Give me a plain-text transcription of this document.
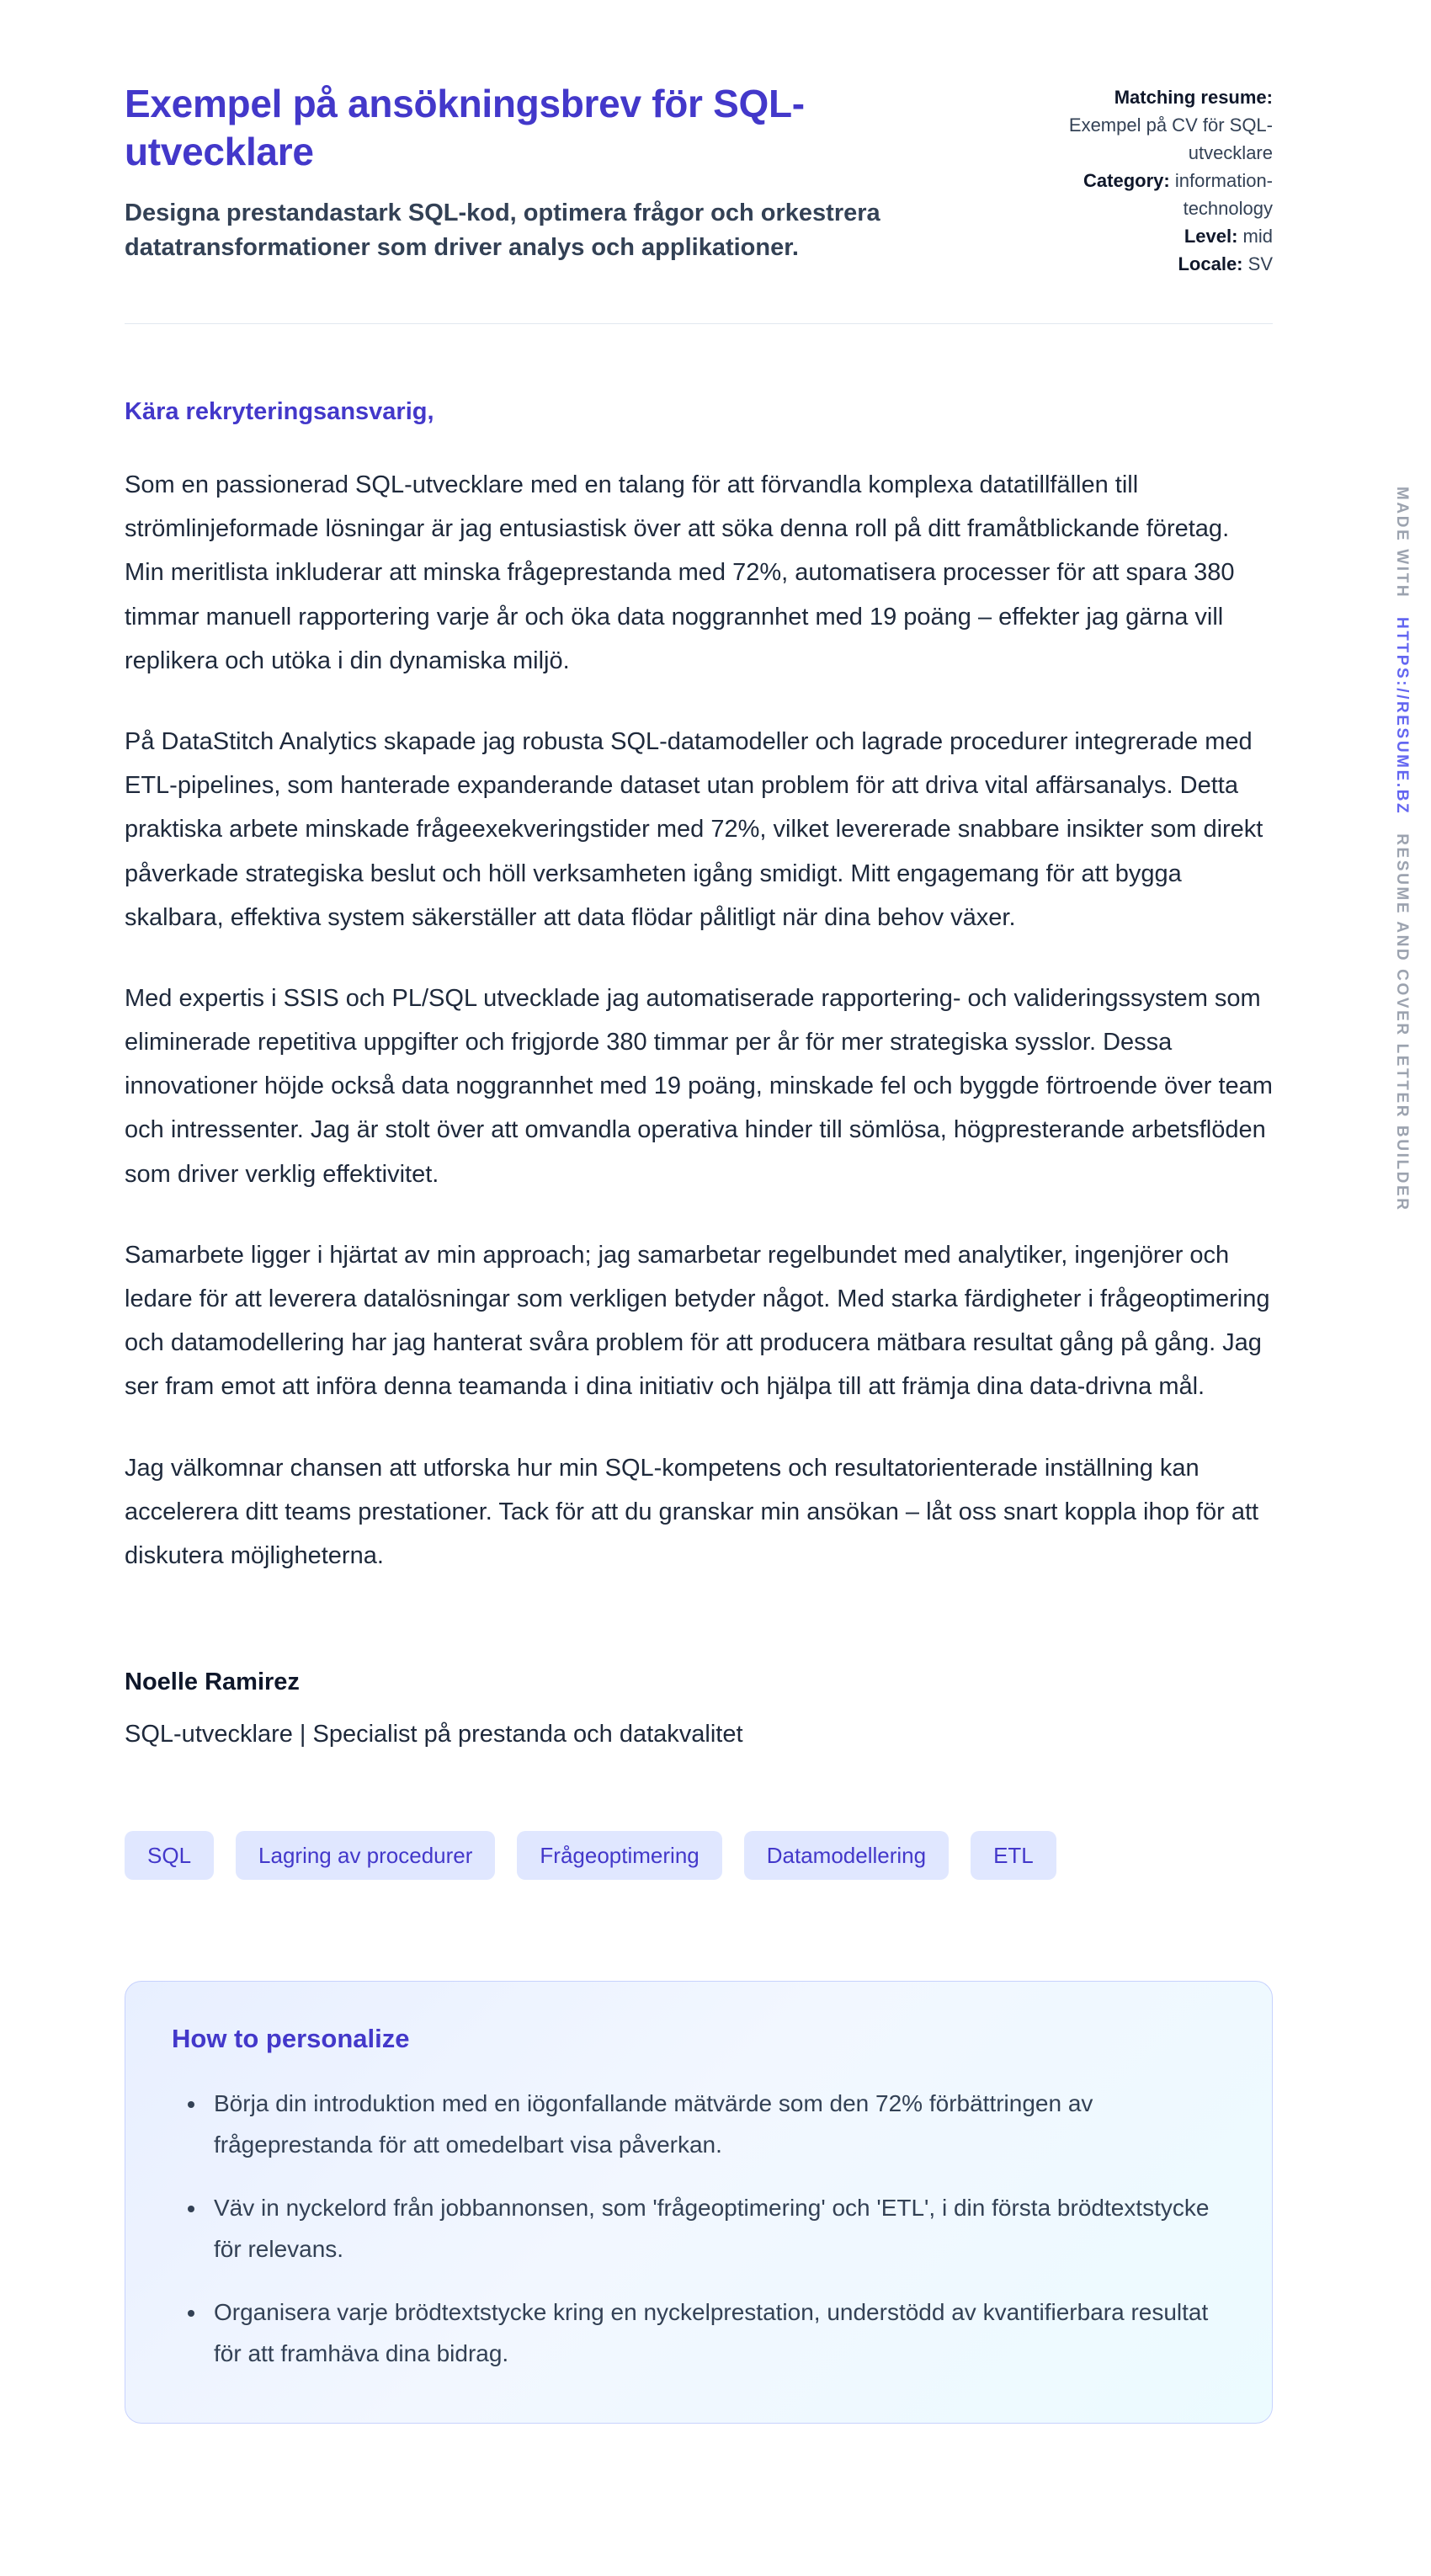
Exempel på ansökningsbrev för SQL-utvecklare

Designa prestandastark SQL-kod, optimera frågor och orkestrera datatransformationer som driver analys och applikationer.

Matching resume:
Exempel på CV för SQL-utvecklare
Category: information-technology
Level: mid
Locale: SV

Kära rekryteringsansvarig,

Som en passionerad SQL-utvecklare med en talang för att förvandla komplexa datatillfällen till strömlinjeformade lösningar är jag entusiastisk över att söka denna roll på ditt framåtblickande företag. Min meritlista inkluderar att minska frågeprestanda med 72%, automatisera processer för att spara 380 timmar manuell rapportering varje år och öka data noggrannhet med 19 poäng – effekter jag gärna vill replikera och utöka i din dynamiska miljö.

På DataStitch Analytics skapade jag robusta SQL-datamodeller och lagrade procedurer integrerade med ETL-pipelines, som hanterade expanderande dataset utan problem för att driva vital affärsanalys. Detta praktiska arbete minskade frågeexekveringstider med 72%, vilket levererade snabbare insikter som direkt påverkade strategiska beslut och höll verksamheten igång smidigt. Mitt engagemang för att bygga skalbara, effektiva system säkerställer att data flödar pålitligt när dina behov växer.

Med expertis i SSIS och PL/SQL utvecklade jag automatiserade rapportering- och valideringssystem som eliminerade repetitiva uppgifter och frigjorde 380 timmar per år för mer strategiska sysslor. Dessa innovationer höjde också data noggrannhet med 19 poäng, minskade fel och byggde förtroende över team och intressenter. Jag är stolt över att omvandla operativa hinder till sömlösa, högpresterande arbetsflöden som driver verklig effektivitet.

Samarbete ligger i hjärtat av min approach; jag samarbetar regelbundet med analytiker, ingenjörer och ledare för att leverera datalösningar som verkligen betyder något. Med starka färdigheter i frågeoptimering och datamodellering har jag hanterat svåra problem för att producera mätbara resultat gång på gång. Jag ser fram emot att införa denna teamanda i dina initiativ och hjälpa till att främja dina data-drivna mål.

Jag välkomnar chansen att utforska hur min SQL-kompetens och resultatorienterade inställning kan accelerera ditt teams prestationer. Tack för att du granskar min ansökan – låt oss snart koppla ihop för att diskutera möjligheterna.

Noelle Ramirez

SQL-utvecklare | Specialist på prestanda och datakvalitet

SQL	Lagring av procedurer	Frågeoptimering	Datamodellering	ETL
How to personalize
• Börja din introduktion med en iögonfallande mätvärde som den 72% förbättringen av frågeprestanda för att omedelbart visa påverkan.
• Väv in nyckelord från jobbannonsen, som 'frågeoptimering' och 'ETL', i din första brödtextstycke för relevans.
• Organisera varje brödtextstycke kring en nyckelprestation, understödd av kvantifierbara resultat för att framhäva dina bidrag.
MADE WITH HTTPS://RESUME.BZ RESUME AND COVER LETTER BUILDER
